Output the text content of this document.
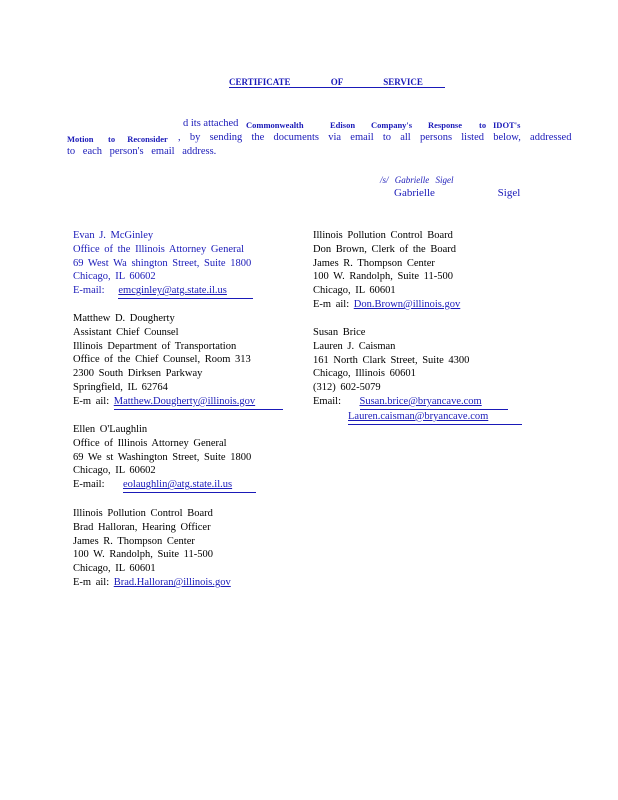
CERTIFICATE OF SERVICE
d its attached Commonwealth	Edison Company's Response to IDOT's
Motion to Reconsider , by sending the documents via email to all persons listed below, addressed
to each person's email address.
/s/ Gabrielle Sigel
Gabrielle Sigel
Evan J. McGinley
Office of the Illinois Attorney General
69 West Wa shington Street, Suite 1800
Chicago, IL 60602
E-mail: emcginley@atg.state.il.us
Matthew D. Dougherty
Assistant Chief Counsel
Illinois Department of Transportation
Office of the Chief Counsel, Room 313
2300 South Dirksen Parkway
Springfield, IL 62764
E-m ail: Matthew.Dougherty@illinois.gov
Ellen O'Laughlin
Office of Illinois Attorney General
69 We st Washington Street, Suite 1800
Chicago, IL 60602
E-mail: eolaughlin@atg.state.il.us
Illinois Pollution Control Board
Brad Halloran, Hearing Officer
James R. Thompson Center
100 W. Randolph, Suite 11-500
Chicago, IL 60601
E-m ail: Brad.Halloran@illinois.gov
Illinois Pollution Control Board
Don Brown, Clerk of the Board
James R. Thompson Center
100 W. Randolph, Suite 11-500
Chicago, IL 60601
E-m ail: Don.Brown@illinois.gov
Susan Brice
Lauren J. Caisman
161 North Clark Street, Suite 4300
Chicago, Illinois 60601
(312) 602-5079
Email: Susan.brice@bryancave.com
Lauren.caisman@bryancave.com
